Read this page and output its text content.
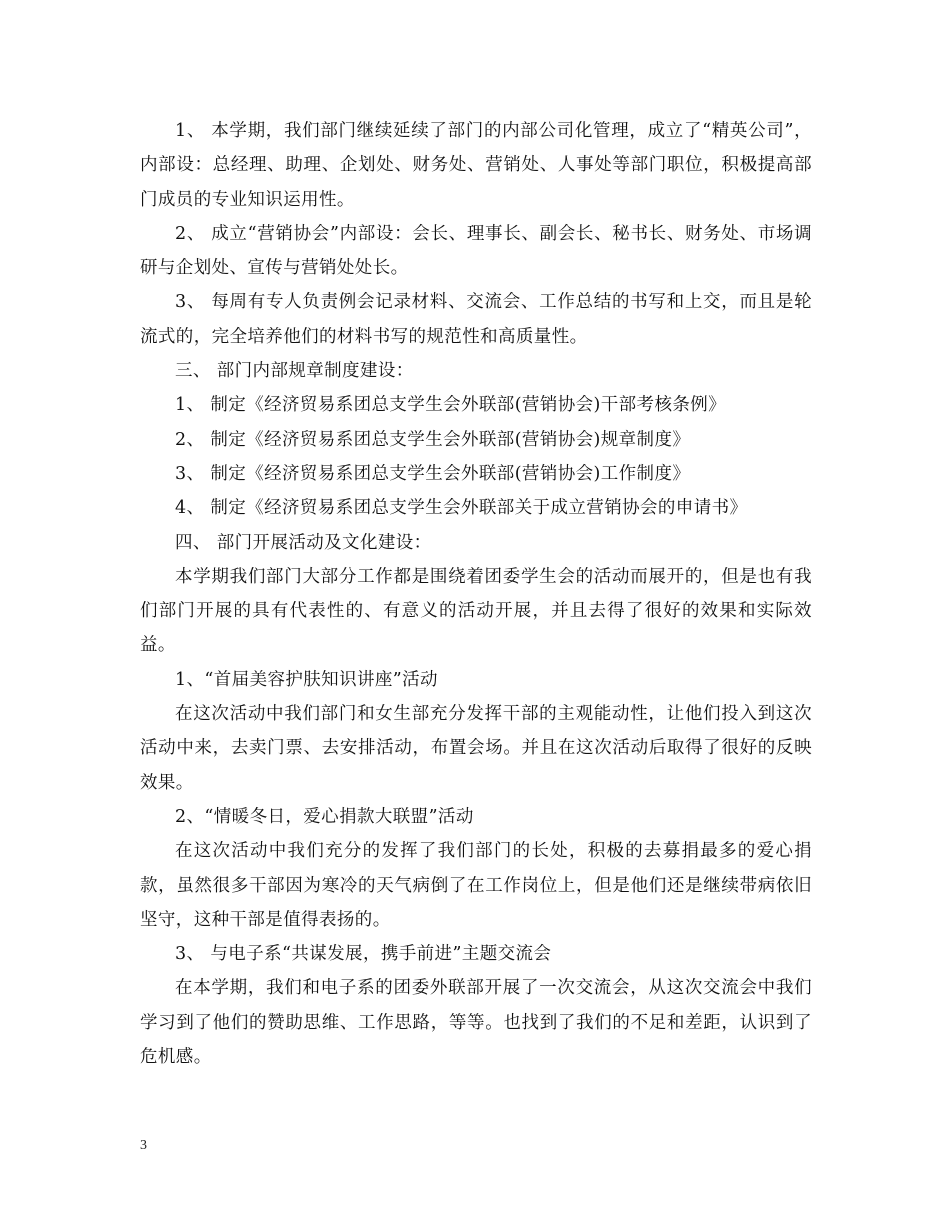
1、 本学期，我们部门继续延续了部门的内部公司化管理，成立了“精英公司”，内部设：总经理、助理、企划处、财务处、营销处、人事处等部门职位，积极提高部门成员的专业知识运用性。

2、 成立“营销协会”内部设：会长、理事长、副会长、秘书长、财务处、市场调研与企划处、宣传与营销处处长。

3、 每周有专人负责例会记录材料、交流会、工作总结的书写和上交，而且是轮流式的，完全培养他们的材料书写的规范性和高质量性。

三、 部门内部规章制度建设：

1、 制定《经济贸易系团总支学生会外联部(营销协会)干部考核条例》

2、 制定《经济贸易系团总支学生会外联部(营销协会)规章制度》

3、 制定《经济贸易系团总支学生会外联部(营销协会)工作制度》

4、 制定《经济贸易系团总支学生会外联部关于成立营销协会的申请书》

四、 部门开展活动及文化建设：

本学期我们部门大部分工作都是围绕着团委学生会的活动而展开的，但是也有我们部门开展的具有代表性的、有意义的活动开展，并且去得了很好的效果和实际效益。

1、“首届美容护肤知识讲座”活动

在这次活动中我们部门和女生部充分发挥干部的主观能动性，让他们投入到这次活动中来，去卖门票、去安排活动，布置会场。并且在这次活动后取得了很好的反映效果。

2、“情暖冬日，爱心捐款大联盟”活动

在这次活动中我们充分的发挥了我们部门的长处，积极的去募捐最多的爱心捐款，虽然很多干部因为寒冷的天气病倒了在工作岗位上，但是他们还是继续带病依旧坚守，这种干部是值得表扬的。

3、 与电子系“共谋发展，携手前进”主题交流会

在本学期，我们和电子系的团委外联部开展了一次交流会，从这次交流会中我们学习到了他们的赞助思维、工作思路，等等。也找到了我们的不足和差距，认识到了危机感。

3
